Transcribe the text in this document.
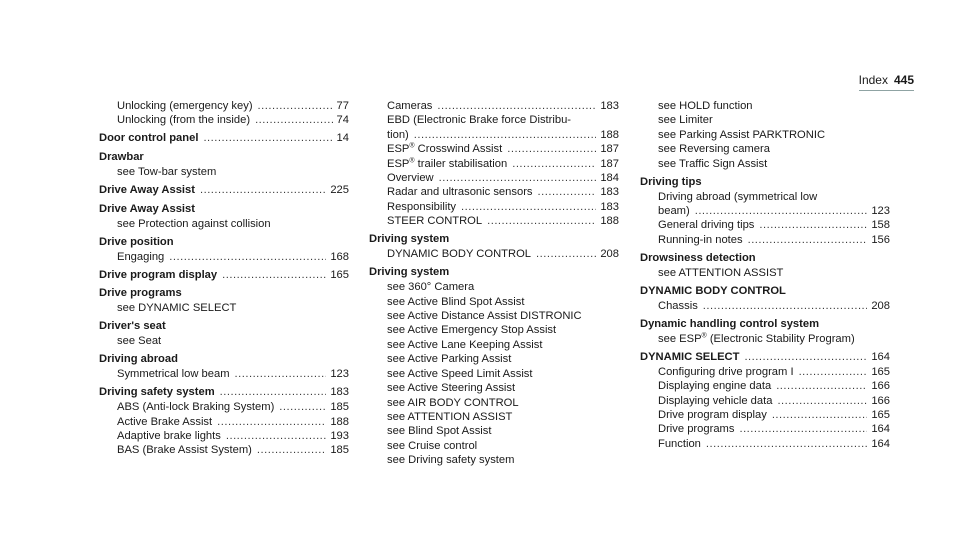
Index 445
Unlocking (emergency key) .....	77
Unlocking (from the inside) .....	74
Door control panel .....	14
Drawbar
see Tow-bar system
Drive Away Assist .....	225
Drive Away Assist
see Protection against collision
Drive position
Engaging .....	168
Drive program display .....	165
Drive programs
see DYNAMIC SELECT
Driver's seat
see Seat
Driving abroad
Symmetrical low beam .....	123
Driving safety system .....	183
ABS (Anti-lock Braking System) .....	185
Active Brake Assist .....	188
Adaptive brake lights .....	193
BAS (Brake Assist System) .....	185
Cameras .....	183
EBD (Electronic Brake force Distribu-
tion) .....	188
ESP® Crosswind Assist .....	187
ESP® trailer stabilisation .....	187
Overview .....	184
Radar and ultrasonic sensors .....	183
Responsibility .....	183
STEER CONTROL .....	188
Driving system
DYNAMIC BODY CONTROL .....	208
Driving system
see 360° Camera
see Active Blind Spot Assist
see Active Distance Assist DISTRONIC
see Active Emergency Stop Assist
see Active Lane Keeping Assist
see Active Parking Assist
see Active Speed Limit Assist
see Active Steering Assist
see AIR BODY CONTROL
see ATTENTION ASSIST
see Blind Spot Assist
see Cruise control
see Driving safety system
see HOLD function
see Limiter
see Parking Assist PARKTRONIC
see Reversing camera
see Traffic Sign Assist
Driving tips
Driving abroad (symmetrical low
beam) .....	123
General driving tips .....	158
Running-in notes .....	156
Drowsiness detection
see ATTENTION ASSIST
DYNAMIC BODY CONTROL
Chassis .....	208
Dynamic handling control system
see ESP® (Electronic Stability Program)
DYNAMIC SELECT .....	164
Configuring drive program I .....	165
Displaying engine data .....	166
Displaying vehicle data .....	166
Drive program display .....	165
Drive programs .....	164
Function .....	164
